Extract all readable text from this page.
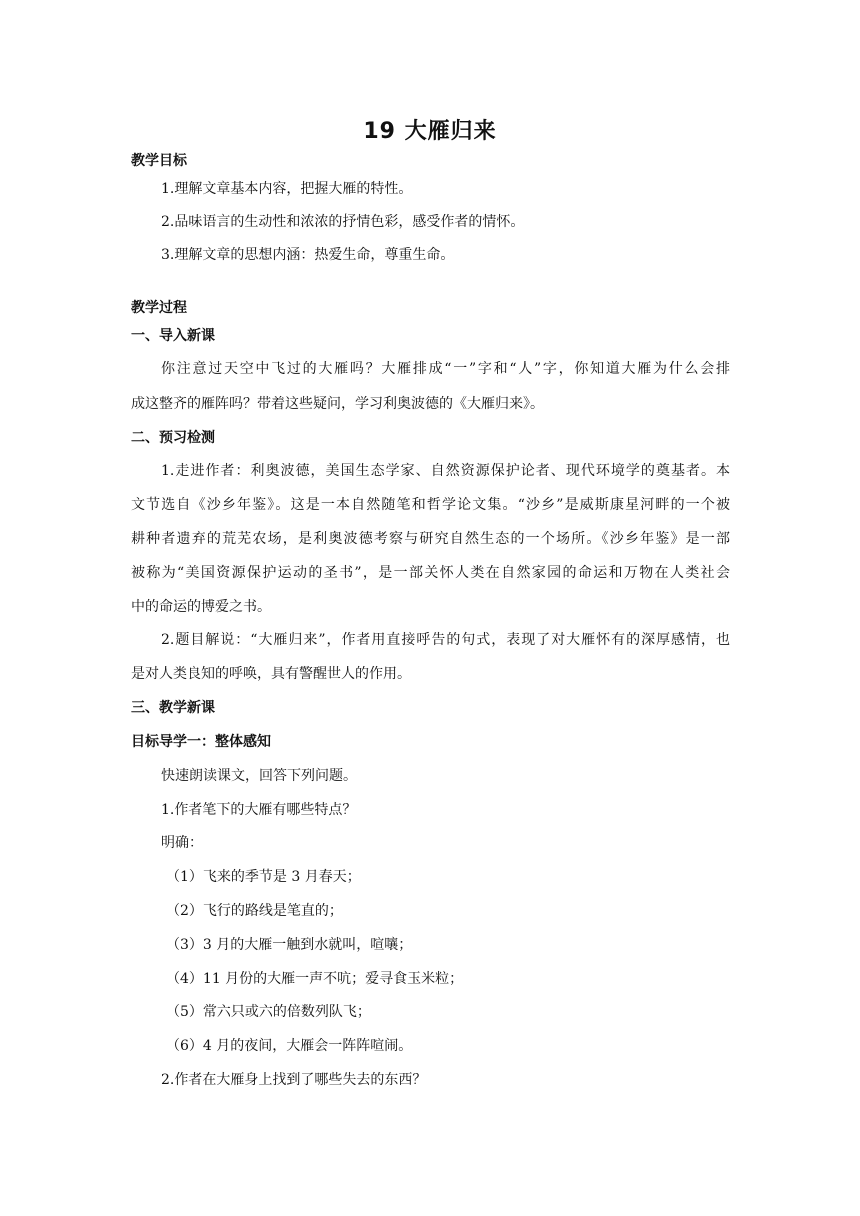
19 大雁归来
教学目标
1.理解文章基本内容，把握大雁的特性。
2.品味语言的生动性和浓浓的抒情色彩，感受作者的情怀。
3.理解文章的思想内涵：热爱生命，尊重生命。
教学过程
一、导入新课
你注意过天空中飞过的大雁吗？大雁排成“一”字和“人”字，你知道大雁为什么会排
成这整齐的雁阵吗？带着这些疑问，学习利奥波德的《大雁归来》。
二、预习检测
1.走进作者：利奥波德，美国生态学家、自然资源保护论者、现代环境学的奠基者。本
文节选自《沙乡年鉴》。这是一本自然随笔和哲学论文集。“沙乡”是威斯康星河畔的一个被
耕种者遗弃的荒芜农场，是利奥波德考察与研究自然生态的一个场所。《沙乡年鉴》是一部
被称为“美国资源保护运动的圣书”，是一部关怀人类在自然家园的命运和万物在人类社会
中的命运的博爱之书。
2.题目解说：“大雁归来”，作者用直接呼告的句式，表现了对大雁怀有的深厚感情，也
是对人类良知的呼唤，具有警醒世人的作用。
三、教学新课
目标导学一：整体感知
快速朗读课文，回答下列问题。
1.作者笔下的大雁有哪些特点？
明确：
（1）飞来的季节是 3 月春天；
（2）飞行的路线是笔直的；
（3）3 月的大雁一触到水就叫，喧嚷；
（4）11 月份的大雁一声不吭；爱寻食玉米粒；
（5）常六只或六的倍数列队飞；
（6）4 月的夜间，大雁会一阵阵喧闹。
2.作者在大雁身上找到了哪些失去的东西？
